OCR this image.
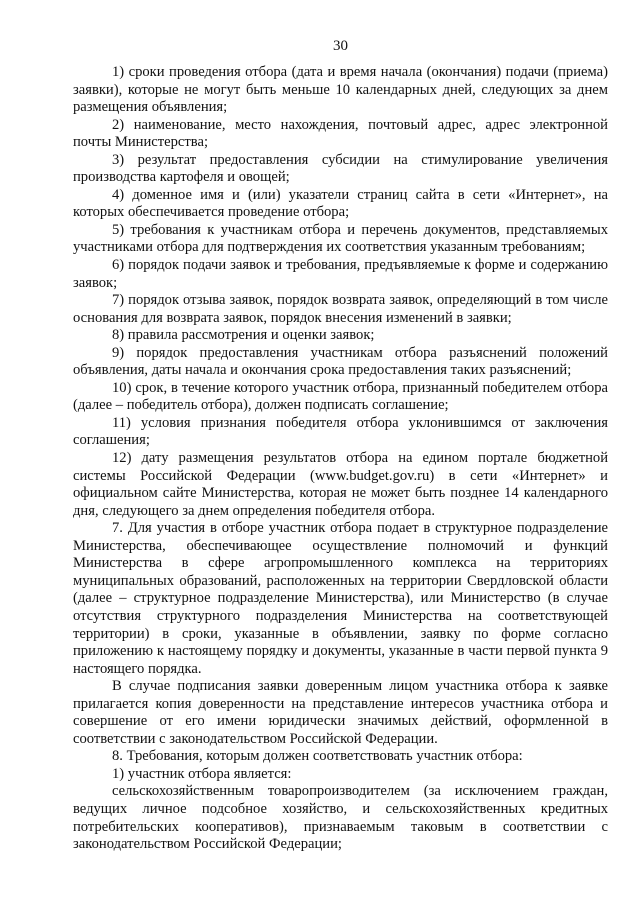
30

1) сроки проведения отбора (дата и время начала (окончания) подачи (приема) заявки), которые не могут быть меньше 10 календарных дней, следующих за днем размещения объявления;

2) наименование, место нахождения, почтовый адрес, адрес электронной почты Министерства;

3) результат предоставления субсидии на стимулирование увеличения производства картофеля и овощей;

4) доменное имя и (или) указатели страниц сайта в сети «Интернет», на которых обеспечивается проведение отбора;

5) требования к участникам отбора и перечень документов, представляемых участниками отбора для подтверждения их соответствия указанным требованиям;

6) порядок подачи заявок и требования, предъявляемые к форме и содержанию заявок;

7) порядок отзыва заявок, порядок возврата заявок, определяющий в том числе основания для возврата заявок, порядок внесения изменений в заявки;

8) правила рассмотрения и оценки заявок;

9) порядок предоставления участникам отбора разъяснений положений объявления, даты начала и окончания срока предоставления таких разъяснений;

10) срок, в течение которого участник отбора, признанный победителем отбора (далее – победитель отбора), должен подписать соглашение;

11) условия признания победителя отбора уклонившимся от заключения соглашения;

12) дату размещения результатов отбора на едином портале бюджетной системы Российской Федерации (www.budget.gov.ru) в сети «Интернет» и официальном сайте Министерства, которая не может быть позднее 14 календарного дня, следующего за днем определения победителя отбора.

7. Для участия в отборе участник отбора подает в структурное подразделение Министерства, обеспечивающее осуществление полномочий и функций Министерства в сфере агропромышленного комплекса на территориях муниципальных образований, расположенных на территории Свердловской области (далее – структурное подразделение Министерства), или Министерство (в случае отсутствия структурного подразделения Министерства на соответствующей территории) в сроки, указанные в объявлении, заявку по форме согласно приложению к настоящему порядку и документы, указанные в части первой пункта 9 настоящего порядка.

В случае подписания заявки доверенным лицом участника отбора к заявке прилагается копия доверенности на представление интересов участника отбора и совершение от его имени юридически значимых действий, оформленной в соответствии с законодательством Российской Федерации.

8. Требования, которым должен соответствовать участник отбора:

1) участник отбора является:

сельскохозяйственным товаропроизводителем (за исключением граждан, ведущих личное подсобное хозяйство, и сельскохозяйственных кредитных потребительских кооперативов), признаваемым таковым в соответствии с законодательством Российской Федерации;
